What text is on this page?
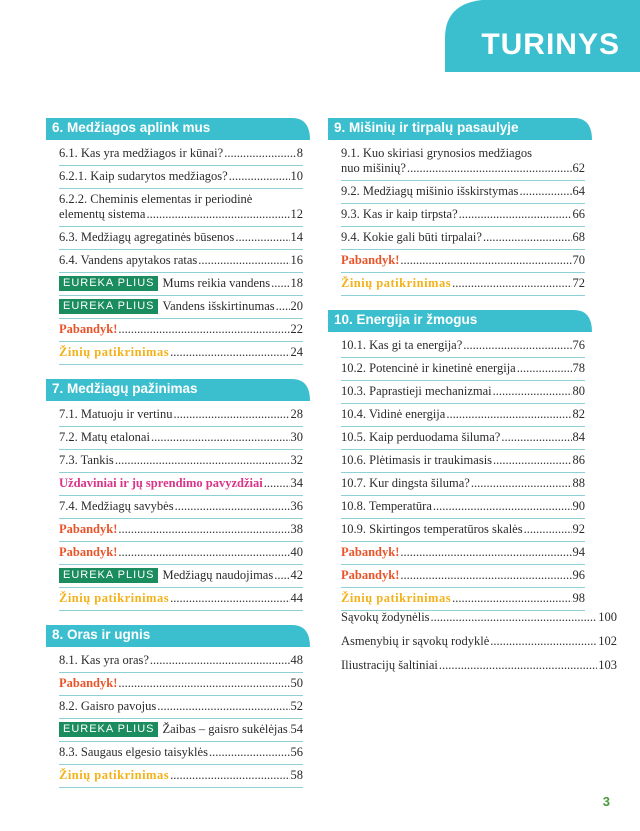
TURINYS
6. Medžiagos aplink mus
6.1. Kas yra medžiagos ir kūnai? .....	8
6.2.1. Kaip sudarytos medžiagos? .....	10
6.2.2. Cheminis elementas ir periodinė
elementų sistema .....	12
6.3. Medžiagų agregatinės būsenos .....	14
6.4. Vandens apytakos ratas .....	16
EUREKA PLIUS Mums reikia vandens ..... 18
EUREKA PLIUS Vandens išskirtinumas ..... 20
Pabandyk! .....	22
Žinių patikrinimas .....	24
7. Medžiagų pažinimas
7.1. Matuoju ir vertinu .....	28
7.2. Matų etalonai .....	30
7.3. Tankis .....	32
Uždaviniai ir jų sprendimo pavyzdžiai ..... 34
7.4. Medžiagų savybės .....	36
Pabandyk! .....	38
Pabandyk! .....	40
EUREKA PLIUS Medžiagų naudojimas ..... 42
Žinių patikrinimas .....	44
8. Oras ir ugnis
8.1. Kas yra oras? .....	48
Pabandyk! .....	50
8.2. Gaisro pavojus .....	52
EUREKA PLIUS Žaibas – gaisro sukėlėjas ..... 54
8.3. Saugaus elgesio taisyklės .....	56
Žinių patikrinimas .....	58
9. Mišinių ir tirpalų pasaulyje
9.1. Kuo skiriasi grynosios medžiagos
nuo mišinių? .....	62
9.2. Medžiagų mišinio išskirstymas .....	64
9.3. Kas ir kaip tirpsta? .....	66
9.4. Kokie gali būti tirpalai? .....	68
Pabandyk! .....	70
Žinių patikrinimas .....	72
10. Energija ir žmogus
10.1. Kas gi ta energija? .....	76
10.2. Potencinė ir kinetinė energija .....	78
10.3. Paprastieji mechanizmai .....	80
10.4. Vidinė energija .....	82
10.5. Kaip perduodama šiluma? .....	84
10.6. Plėtimasis ir traukimasis .....	86
10.7. Kur dingsta šiluma? .....	88
10.8. Temperatūra .....	90
10.9. Skirtingos temperatūros skalės .....	92
Pabandyk! .....	94
Pabandyk! .....	96
Žinių patikrinimas .....	98
Sąvokų žodynėlis .....	100
Asmenybių ir sąvokų rodyklė .....	102
Iliustracijų šaltiniai .....	103
3
